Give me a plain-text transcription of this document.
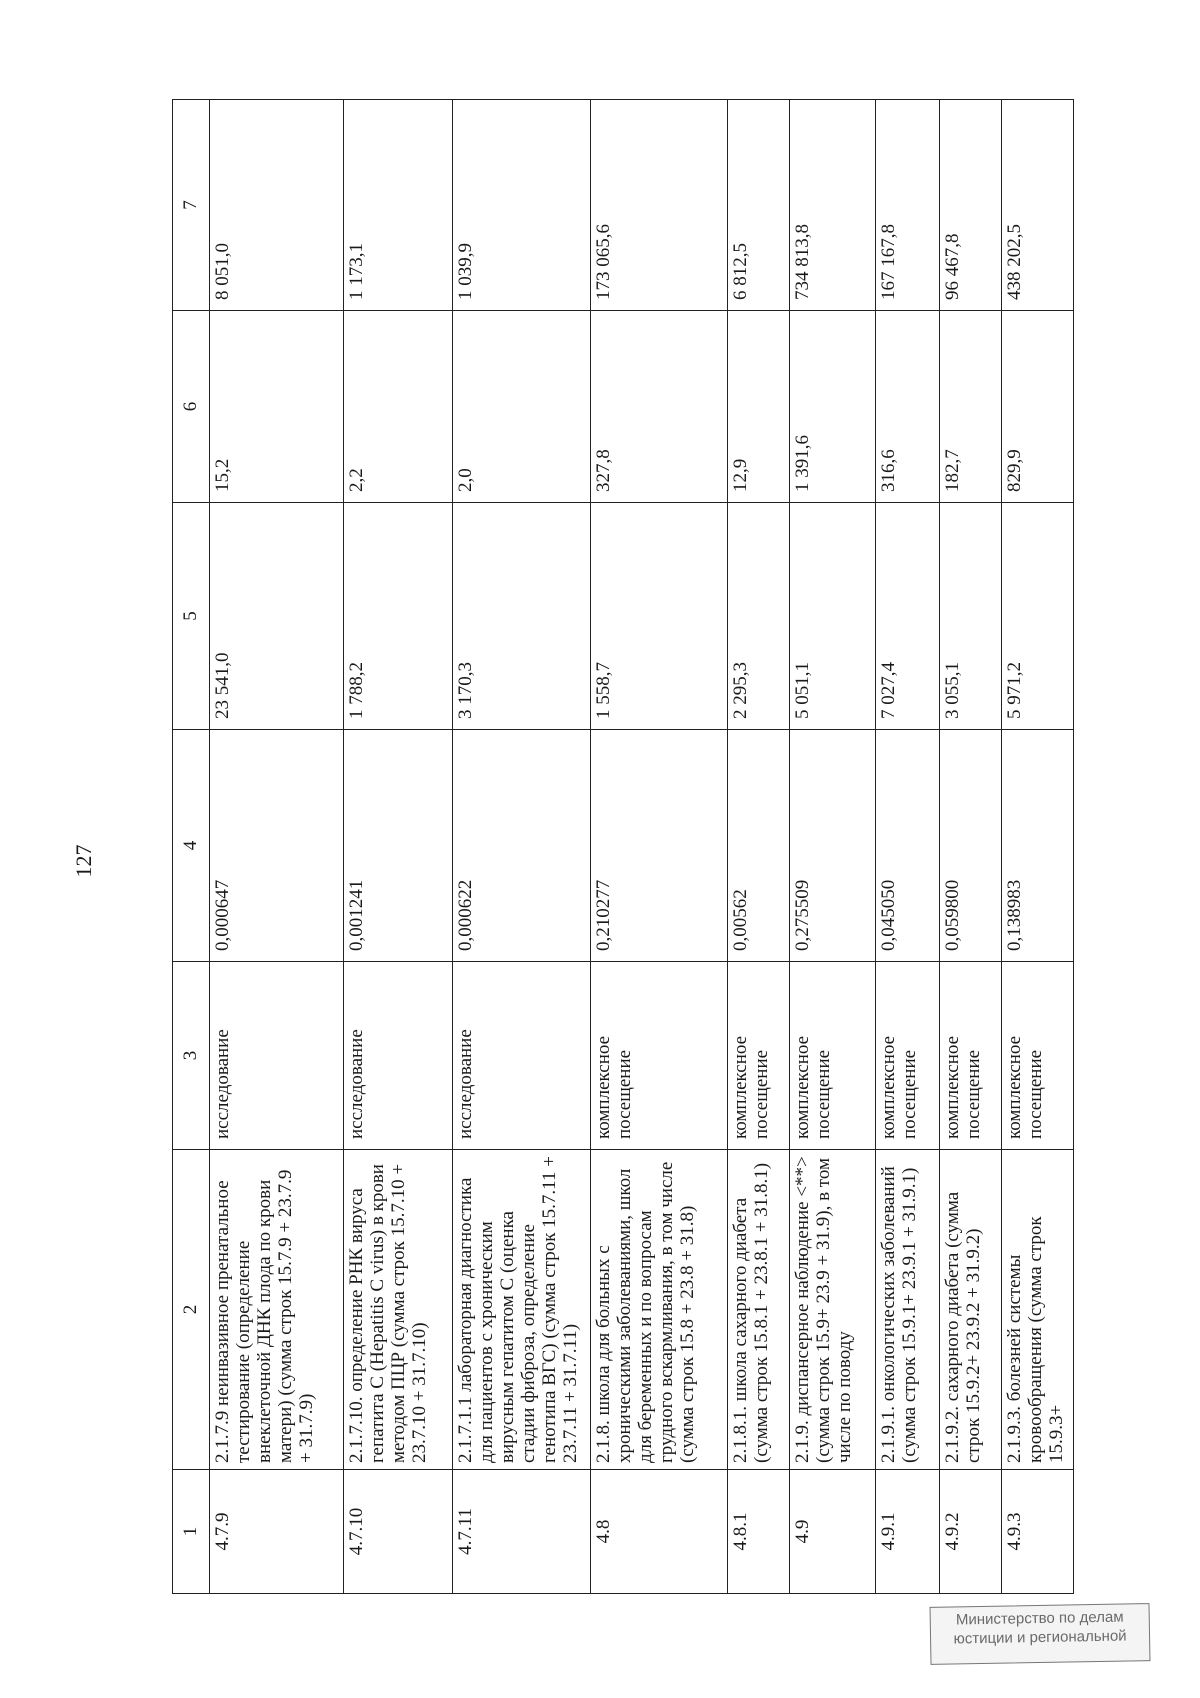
127
1	2	3	4	5	6	7
4.7.9	2.1.7.9 неинвазивное пренатальное тестирование (определение внеклеточной ДНК плода по крови матери) (сумма строк 15.7.9 + 23.7.9 + 31.7.9)	исследование	0,000647	23 541,0	15,2	8 051,0
4.7.10	2.1.7.10. определение РНК вируса гепатита С (Hepatitis C virus) в крови методом ПЦР (сумма строк 15.7.10 + 23.7.10 + 31.7.10)	исследование	0,001241	1 788,2	2,2	1 173,1
4.7.11	2.1.7.1.1 лабораторная диагностика для пациентов с хроническим вирусным гепатитом С (оценка стадии фиброза, определение генотипа ВГС) (сумма строк 15.7.11 + 23.7.11 + 31.7.11)	исследование	0,000622	3 170,3	2,0	1 039,9
4.8	2.1.8. школа для больных с хроническими заболеваниями, школ для беременных и по вопросам грудного вскармливания, в том числе (сумма строк 15.8 + 23.8 + 31.8)	комплексное посещение	0,210277	1 558,7	327,8	173 065,6
4.8.1	2.1.8.1. школа сахарного диабета (сумма строк 15.8.1 + 23.8.1 + 31.8.1)	комплексное посещение	0,00562	2 295,3	12,9	6 812,5
4.9	2.1.9. диспансерное наблюдение <**> (сумма строк 15.9+ 23.9 + 31.9), в том числе по поводу	комплексное посещение	0,275509	5 051,1	1 391,6	734 813,8
4.9.1	2.1.9.1. онкологических заболеваний (сумма строк 15.9.1+ 23.9.1 + 31.9.1)	комплексное посещение	0,045050	7 027,4	316,6	167 167,8
4.9.2	2.1.9.2. сахарного диабета (сумма строк 15.9.2+ 23.9.2 + 31.9.2)	комплексное посещение	0,059800	3 055,1	182,7	96 467,8
4.9.3	2.1.9.3. болезней системы кровообращения (сумма строк 15.9.3+	комплексное посещение	0,138983	5 971,2	829,9	438 202,5
Министерство по делам
юстиции и региональной
